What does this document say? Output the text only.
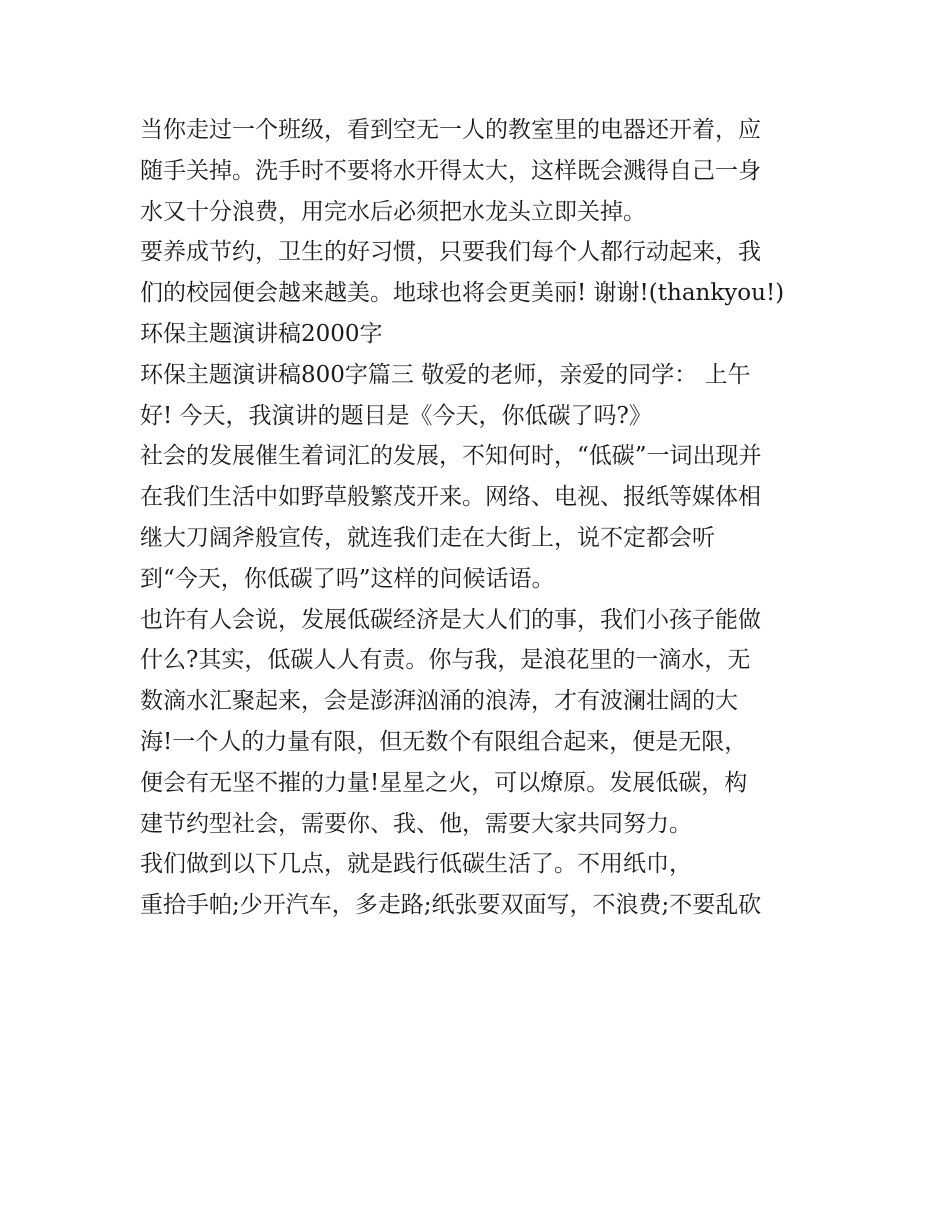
当你走过一个班级，看到空无一人的教室里的电器还开着，应
随手关掉。洗手时不要将水开得太大，这样既会溅得自己一身
水又十分浪费，用完水后必须把水龙头立即关掉。
要养成节约，卫生的好习惯，只要我们每个人都行动起来，我
们的校园便会越来越美。地球也将会更美丽! 谢谢!(thankyou!)
环保主题演讲稿2000字
环保主题演讲稿800字篇三 敬爱的老师，亲爱的同学： 上午
好! 今天，我演讲的题目是《今天，你低碳了吗?》
社会的发展催生着词汇的发展，不知何时，“低碳”一词出现并
在我们生活中如野草般繁茂开来。网络、电视、报纸等媒体相
继大刀阔斧般宣传，就连我们走在大街上，说不定都会听
到“今天，你低碳了吗”这样的问候话语。
也许有人会说，发展低碳经济是大人们的事，我们小孩子能做
什么?其实，低碳人人有责。你与我，是浪花里的一滴水，无
数滴水汇聚起来，会是澎湃汹涌的浪涛，才有波澜壮阔的大
海!一个人的力量有限，但无数个有限组合起来，便是无限，
便会有无坚不摧的力量!星星之火，可以燎原。发展低碳，构
建节约型社会，需要你、我、他，需要大家共同努力。
我们做到以下几点，就是践行低碳生活了。不用纸巾，
重拾手帕;少开汽车，多走路;纸张要双面写，不浪费;不要乱砍
